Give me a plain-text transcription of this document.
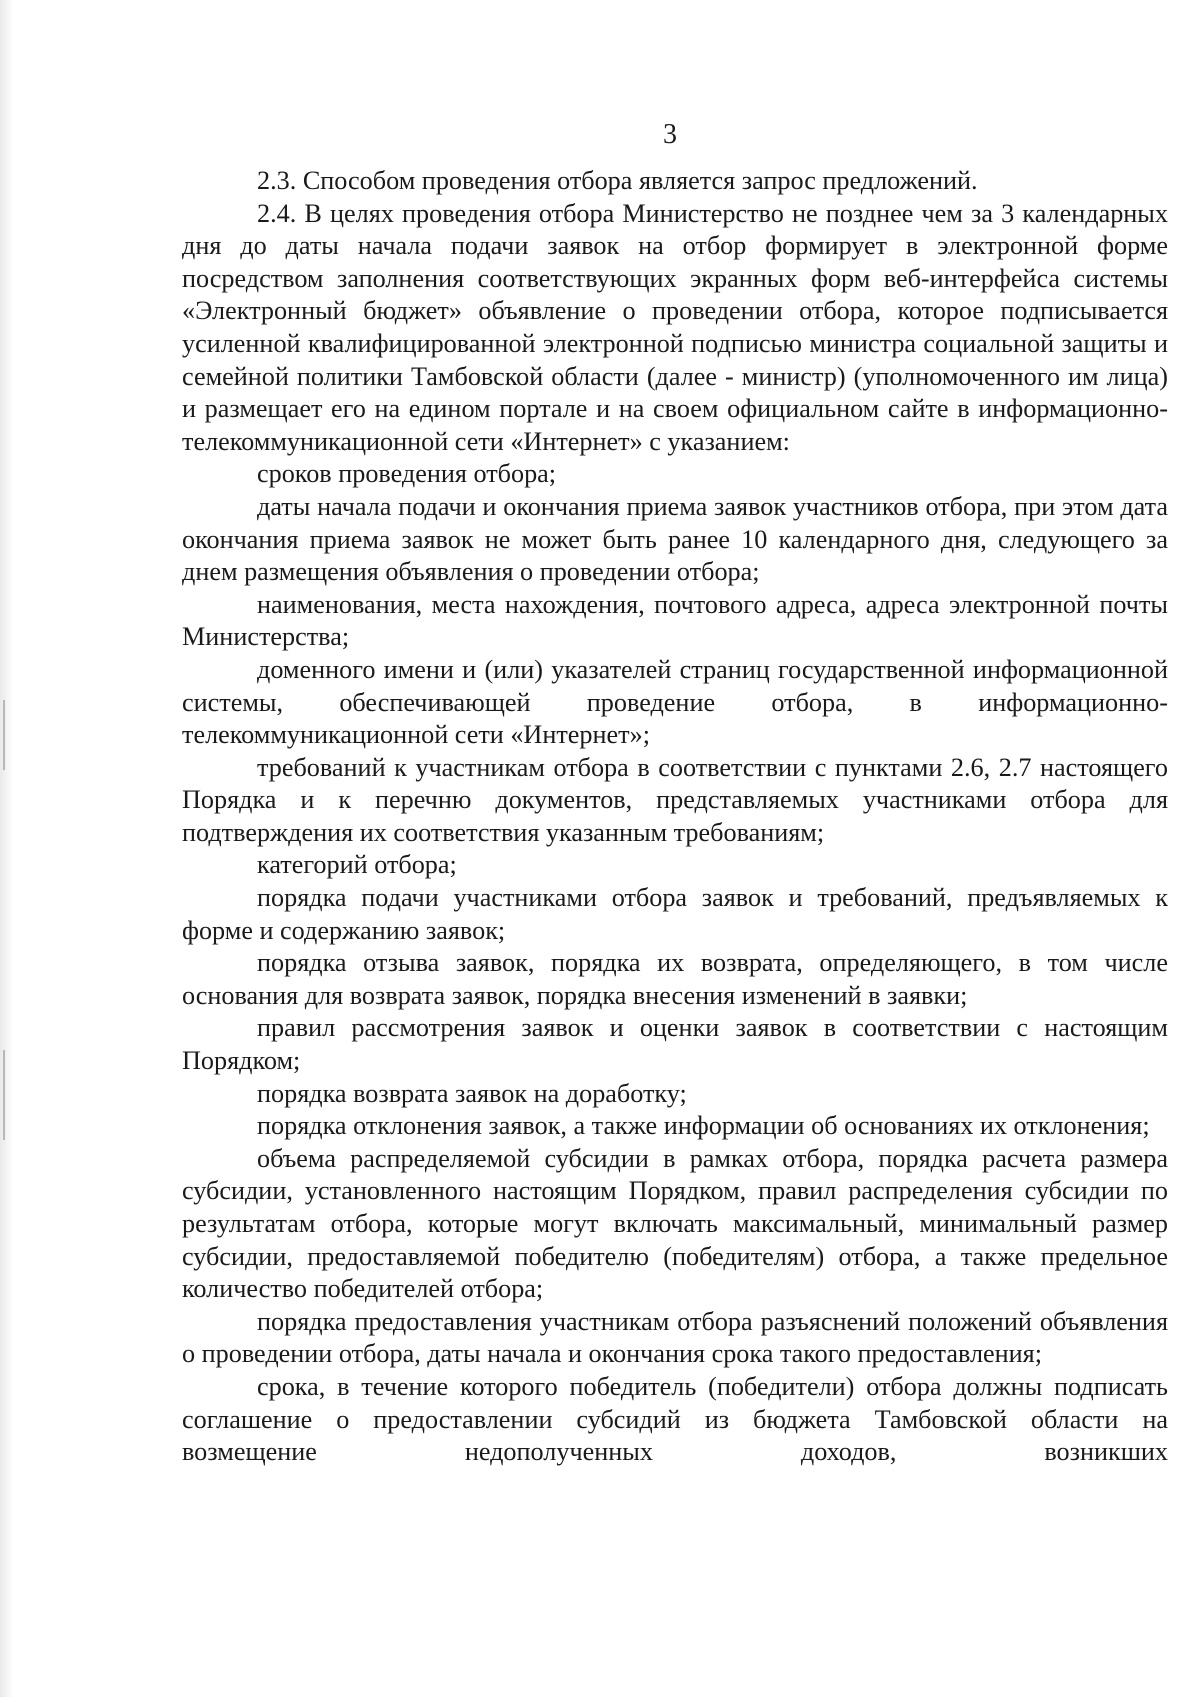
3

2.3. Способом проведения отбора является запрос предложений.

2.4. В целях проведения отбора Министерство не позднее чем за 3 календарных дня до даты начала подачи заявок на отбор формирует в электронной форме посредством заполнения соответствующих экранных форм веб-интерфейса системы «Электронный бюджет» объявление о проведении отбора, которое подписывается усиленной квалифицированной электронной подписью министра социальной защиты и семейной политики Тамбовской области (далее - министр) (уполномоченного им лица) и размещает его на едином портале и на своем официальном сайте в информационно-телекоммуникационной сети «Интернет» с указанием:

сроков проведения отбора;

даты начала подачи и окончания приема заявок участников отбора, при этом дата окончания приема заявок не может быть ранее 10 календарного дня, следующего за днем размещения объявления о проведении отбора;

наименования, места нахождения, почтового адреса, адреса электронной почты Министерства;

доменного имени и (или) указателей страниц государственной информационной системы, обеспечивающей проведение отбора, в информационно-телекоммуникационной сети «Интернет»;

требований к участникам отбора в соответствии с пунктами 2.6, 2.7 настоящего Порядка и к перечню документов, представляемых участниками отбора для подтверждения их соответствия указанным требованиям;

категорий отбора;

порядка подачи участниками отбора заявок и требований, предъявляемых к форме и содержанию заявок;

порядка отзыва заявок, порядка их возврата, определяющего, в том числе основания для возврата заявок, порядка внесения изменений в заявки;

правил рассмотрения заявок и оценки заявок в соответствии с настоящим Порядком;

порядка возврата заявок на доработку;

порядка отклонения заявок, а также информации об основаниях их отклонения;

объема распределяемой субсидии в рамках отбора, порядка расчета размера субсидии, установленного настоящим Порядком, правил распределения субсидии по результатам отбора, которые могут включать максимальный, минимальный размер субсидии, предоставляемой победителю (победителям) отбора, а также предельное количество победителей отбора;

порядка предоставления участникам отбора разъяснений положений объявления о проведении отбора, даты начала и окончания срока такого предоставления;

срока, в течение которого победитель (победители) отбора должны подписать соглашение о предоставлении субсидий из бюджета Тамбовской области на возмещение недополученных доходов, возникших
